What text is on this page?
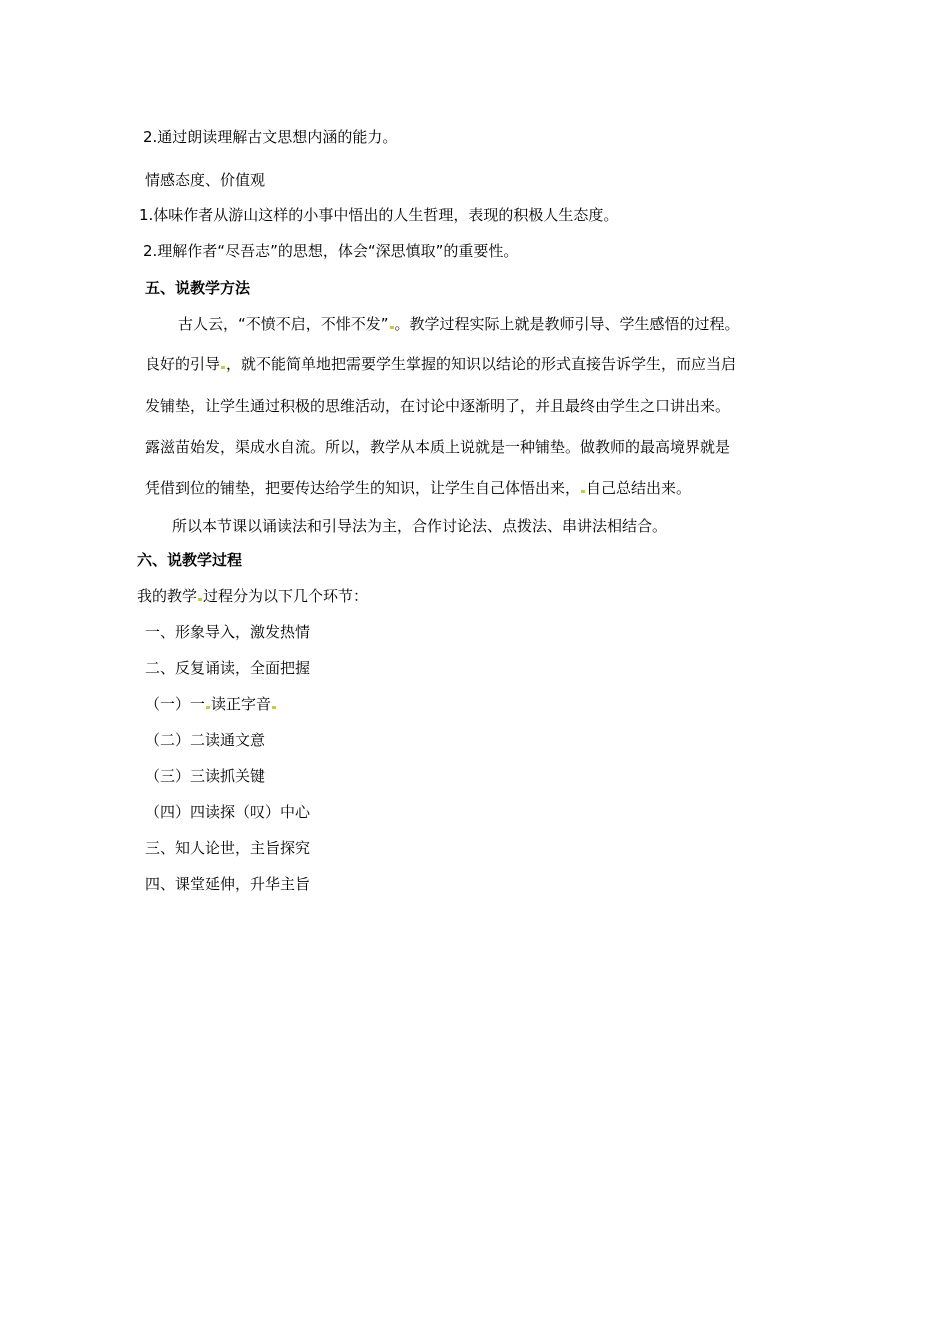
2.通过朗读理解古文思想内涵的能力。
情感态度、价值观
1.体味作者从游山这样的小事中悟出的人生哲理，表现的积极人生态度。
2.理解作者“尽吾志”的思想，体会“深思慎取”的重要性。
五、说教学方法
古人云，“不愤不启，不悱不发” 。教学过程实际上就是教师引导、学生感悟的过程。
良好的引导 ，就不能简单地把需要学生掌握的知识以结论的形式直接告诉学生，而应当启
发铺垫，让学生通过积极的思维活动，在讨论中逐渐明了，并且最终由学生之口讲出来。
露滋苗始发，渠成水自流。所以，教学从本质上说就是一种铺垫。做教师的最高境界就是
凭借到位的铺垫，把要传达给学生的知识，让学生自己体悟出来， 自己总结出来。
所以本节课以诵读法和引导法为主，合作讨论法、点拨法、串讲法相结合。
六、说教学过程
我的教学 过程分为以下几个环节：
一、形象导入，激发热情
二、反复诵读，全面把握
（一）一 读正字音
（二）二读通文意
（三）三读抓关键
（四）四读探（叹）中心
三、知人论世，主旨探究
四、课堂延伸，升华主旨
